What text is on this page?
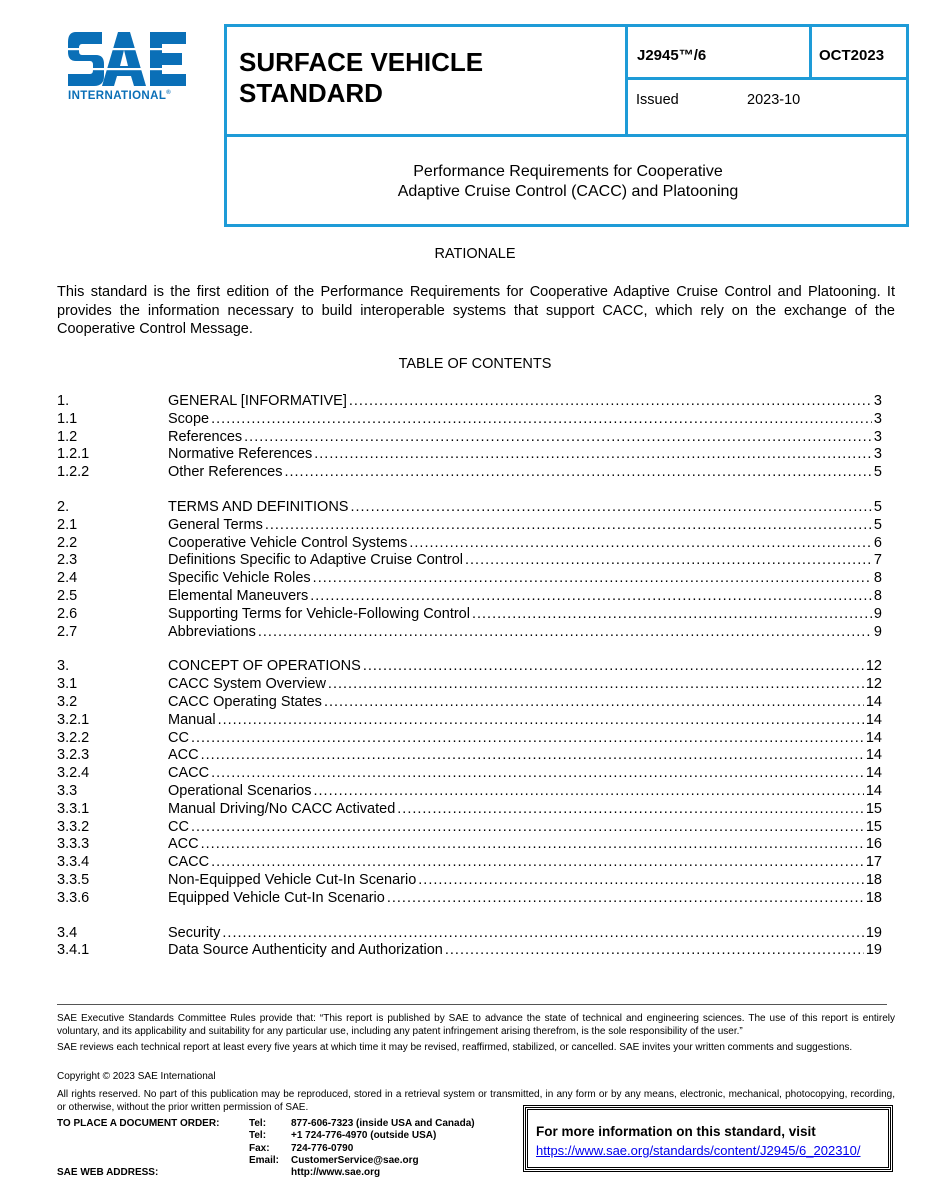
INTERNATIONAL®
SURFACE VEHICLE
STANDARD
J2945™/6	OCT2023
Issued	2023-10
Performance Requirements for Cooperative
Adaptive Cruise Control (CACC) and Platooning
RATIONALE
This standard is the first edition of the Performance Requirements for Cooperative Adaptive Cruise Control and Platooning. It provides the information necessary to build interoperable systems that support CACC, which rely on the exchange of the Cooperative Control Message.
TABLE OF CONTENTS
1.	GENERAL [INFORMATIVE] .....	3
1.1	Scope .....	3
1.2	References .....	3
1.2.1	Normative References .....	3
1.2.2	Other References .....	5
2.	TERMS AND DEFINITIONS .....	5
2.1	General Terms .....	5
2.2	Cooperative Vehicle Control Systems .....	6
2.3	Definitions Specific to Adaptive Cruise Control .....	7
2.4	Specific Vehicle Roles .....	8
2.5	Elemental Maneuvers .....	8
2.6	Supporting Terms for Vehicle-Following Control .....	9
2.7	Abbreviations .....	9
3.	CONCEPT OF OPERATIONS .....	12
3.1	CACC System Overview .....	12
3.2	CACC Operating States .....	14
3.2.1	Manual .....	14
3.2.2	CC .....	14
3.2.3	ACC .....	14
3.2.4	CACC .....	14
3.3	Operational Scenarios .....	14
3.3.1	Manual Driving/No CACC Activated .....	15
3.3.2	CC .....	15
3.3.3	ACC .....	16
3.3.4	CACC .....	17
3.3.5	Non-Equipped Vehicle Cut-In Scenario .....	18
3.3.6	Equipped Vehicle Cut-In Scenario .....	18
3.4	Security .....	19
3.4.1	Data Source Authenticity and Authorization .....	19
SAE Executive Standards Committee Rules provide that: “This report is published by SAE to advance the state of technical and engineering sciences. The use of this report is entirely voluntary, and its applicability and suitability for any particular use, including any patent infringement arising therefrom, is the sole responsibility of the user.”
SAE reviews each technical report at least every five years at which time it may be revised, reaffirmed, stabilized, or cancelled. SAE invites your written comments and suggestions.
Copyright © 2023 SAE International
All rights reserved. No part of this publication may be reproduced, stored in a retrieval system or transmitted, in any form or by any means, electronic, mechanical, photocopying, recording, or otherwise, without the prior written permission of SAE.
TO PLACE A DOCUMENT ORDER:
SAE WEB ADDRESS:
Tel:	877-606-7323 (inside USA and Canada)
Tel:	+1 724-776-4970 (outside USA)
Fax:	724-776-0790
Email:	CustomerService@sae.org
http://www.sae.org
For more information on this standard, visit
https://www.sae.org/standards/content/J2945/6_202310/
